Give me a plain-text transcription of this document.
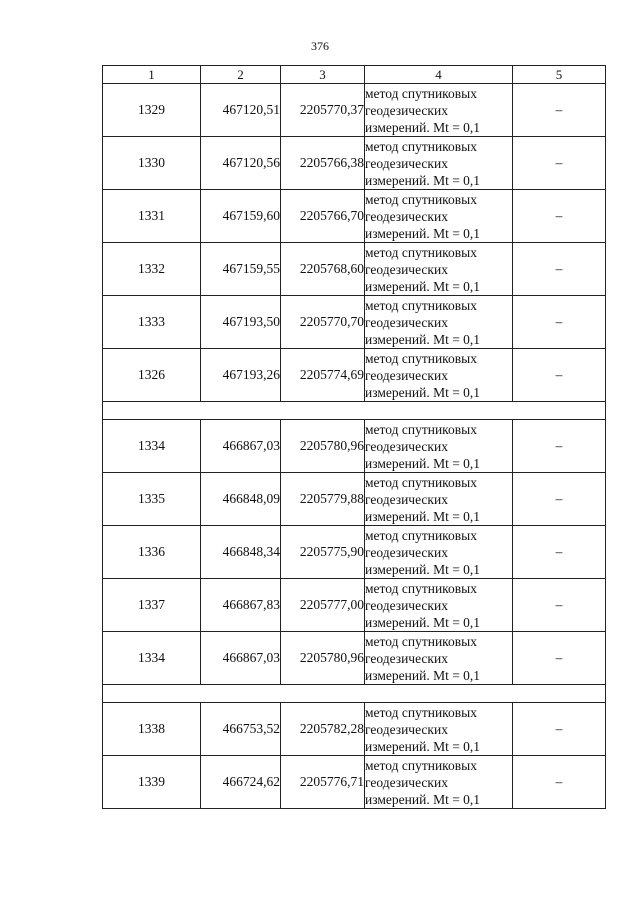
376
1	2	3	4	5
1329	467120,51	2205770,37	метод спутниковых
геодезических
измерений. Mt = 0,1	–
1330	467120,56	2205766,38	метод спутниковых
геодезических
измерений. Mt = 0,1	–
1331	467159,60	2205766,70	метод спутниковых
геодезических
измерений. Mt = 0,1	–
1332	467159,55	2205768,60	метод спутниковых
геодезических
измерений. Mt = 0,1	–
1333	467193,50	2205770,70	метод спутниковых
геодезических
измерений. Mt = 0,1	–
1326	467193,26	2205774,69	метод спутниковых
геодезических
измерений. Mt = 0,1	–

1334	466867,03	2205780,96	метод спутниковых
геодезических
измерений. Mt = 0,1	–
1335	466848,09	2205779,88	метод спутниковых
геодезических
измерений. Mt = 0,1	–
1336	466848,34	2205775,90	метод спутниковых
геодезических
измерений. Mt = 0,1	–
1337	466867,83	2205777,00	метод спутниковых
геодезических
измерений. Mt = 0,1	–
1334	466867,03	2205780,96	метод спутниковых
геодезических
измерений. Mt = 0,1	–

1338	466753,52	2205782,28	метод спутниковых
геодезических
измерений. Mt = 0,1	–
1339	466724,62	2205776,71	метод спутниковых
геодезических
измерений. Mt = 0,1	–
